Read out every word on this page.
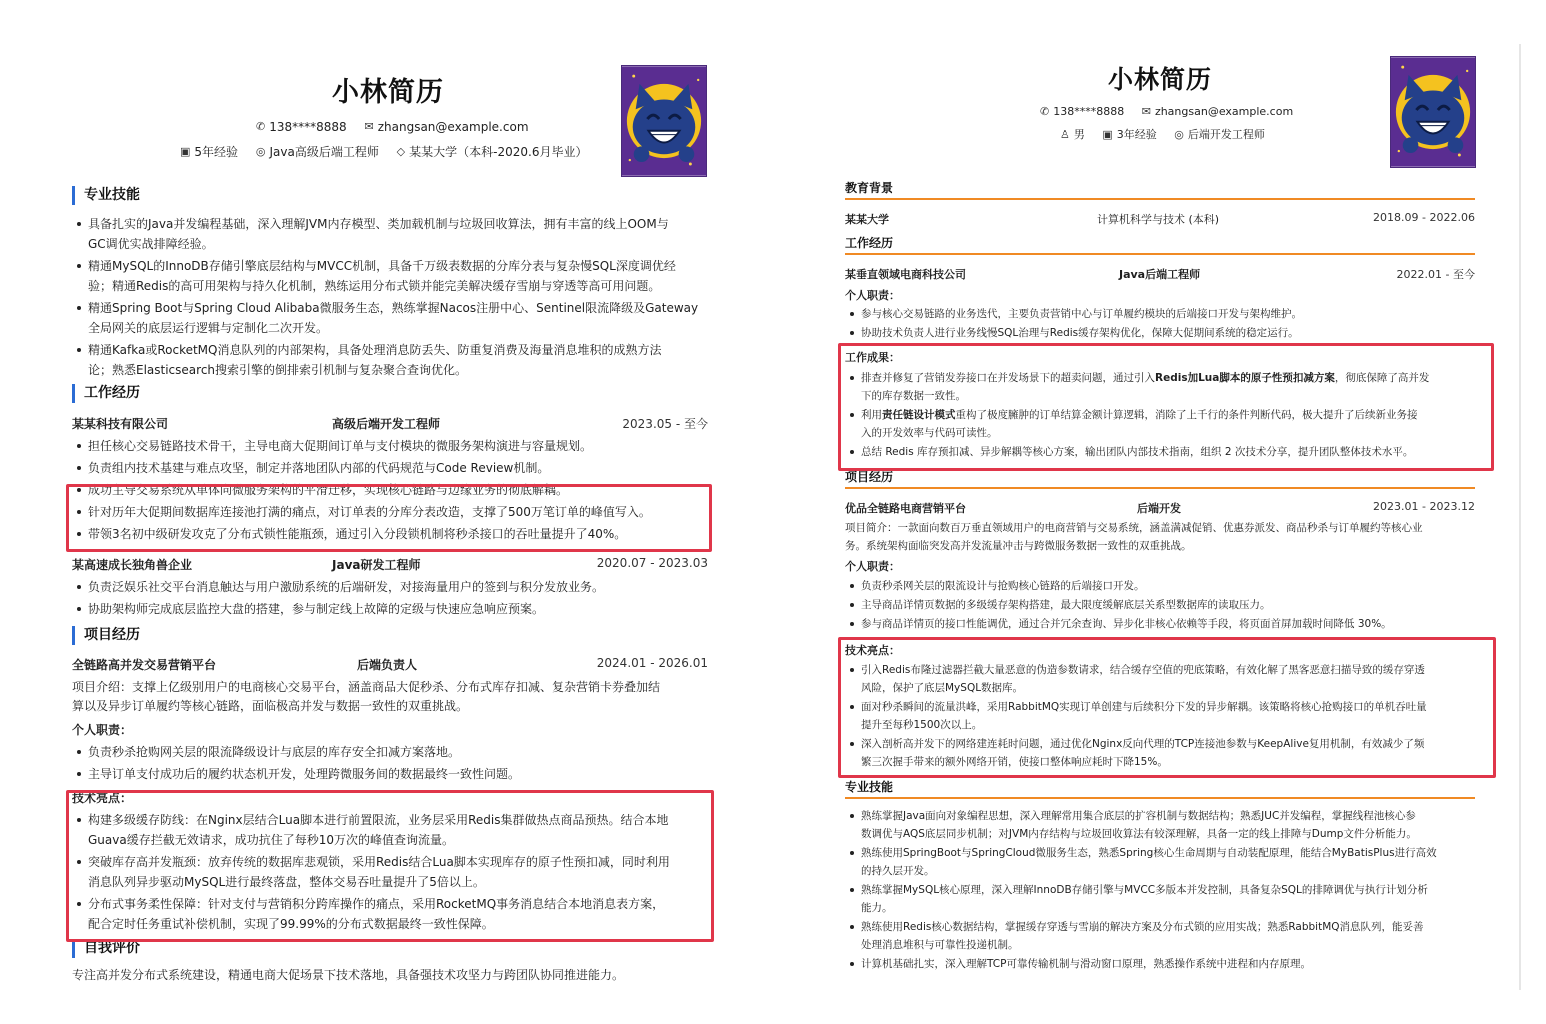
小林简历
✆ 138****8888
✉ zhangsan@example.com
▣ 5年经验
◎ Java高级后端工程师
◇ 某某大学（本科-2020.6月毕业）
专业技能
具备扎实的Java并发编程基础，深入理解JVM内存模型、类加载机制与垃圾回收算法，拥有丰富的线上OOM与
GC调优实战排障经验。
精通MySQL的InnoDB存储引擎底层结构与MVCC机制，具备千万级表数据的分库分表与复杂慢SQL深度调优经
验；精通Redis的高可用架构与持久化机制，熟练运用分布式锁并能完美解决缓存雪崩与穿透等高可用问题。
精通Spring Boot与Spring Cloud Alibaba微服务生态，熟练掌握Nacos注册中心、Sentinel限流降级及Gateway
全局网关的底层运行逻辑与定制化二次开发。
精通Kafka或RocketMQ消息队列的内部架构，具备处理消息防丢失、防重复消费及海量消息堆积的成熟方法
论；熟悉Elasticsearch搜索引擎的倒排索引机制与复杂聚合查询优化。
工作经历
某某科技有限公司	高级后端开发工程师	2023.05 - 至今
担任核心交易链路技术骨干，主导电商大促期间订单与支付模块的微服务架构演进与容量规划。
负责组内技术基建与难点攻坚，制定并落地团队内部的代码规范与Code Review机制。
成功主导交易系统从单体向微服务架构的平滑迁移，实现核心链路与边缘业务的彻底解耦。
针对历年大促期间数据库连接池打满的痛点，对订单表的分库分表改造，支撑了500万笔订单的峰值写入。
带领3名初中级研发攻克了分布式锁性能瓶颈，通过引入分段锁机制将秒杀接口的吞吐量提升了40%。
某高速成长独角兽企业	Java研发工程师	2020.07 - 2023.03
负责泛娱乐社交平台消息触达与用户激励系统的后端研发，对接海量用户的签到与积分发放业务。
协助架构师完成底层监控大盘的搭建，参与制定线上故障的定级与快速应急响应预案。
项目经历
全链路高并发交易营销平台	后端负责人	2024.01 - 2026.01
项目介绍：支撑上亿级别用户的电商核心交易平台，涵盖商品大促秒杀、分布式库存扣减、复杂营销卡券叠加结
算以及异步订单履约等核心链路，面临极高并发与数据一致性的双重挑战。
个人职责：
负责秒杀抢购网关层的限流降级设计与底层的库存安全扣减方案落地。
主导订单支付成功后的履约状态机开发，处理跨微服务间的数据最终一致性问题。
技术亮点：
构建多级缓存防线：在Nginx层结合Lua脚本进行前置限流，业务层采用Redis集群做热点商品预热。结合本地
Guava缓存拦截无效请求，成功抗住了每秒10万次的峰值查询流量。
突破库存高并发瓶颈：放弃传统的数据库悲观锁，采用Redis结合Lua脚本实现库存的原子性预扣减，同时利用
消息队列异步驱动MySQL进行最终落盘，整体交易吞吐量提升了5倍以上。
分布式事务柔性保障：针对支付与营销积分跨库操作的痛点，采用RocketMQ事务消息结合本地消息表方案，
配合定时任务重试补偿机制，实现了99.99%的分布式数据最终一致性保障。
自我评价
专注高并发分布式系统建设，精通电商大促场景下技术落地，具备强技术攻坚力与跨团队协同推进能力。
小林简历
✆ 138****8888
✉ zhangsan@example.com
♙ 男
▣ 3年经验
◎ 后端开发工程师
教育背景
某某大学	计算机科学与技术 (本科)	2018.09 - 2022.06
工作经历
某垂直领域电商科技公司	Java后端工程师	2022.01 - 至今
个人职责：
参与核心交易链路的业务迭代，主要负责营销中心与订单履约模块的后端接口开发与架构维护。
协助技术负责人进行业务线慢SQL治理与Redis缓存架构优化，保障大促期间系统的稳定运行。
工作成果：
排查并修复了营销发券接口在并发场景下的超卖问题，通过引入Redis加Lua脚本的原子性预扣减方案，彻底保障了高并发
下的库存数据一致性。
利用责任链设计模式重构了极度臃肿的订单结算金额计算逻辑，消除了上千行的条件判断代码，极大提升了后续新业务接
入的开发效率与代码可读性。
总结 Redis 库存预扣减、异步解耦等核心方案，输出团队内部技术指南，组织 2 次技术分享，提升团队整体技术水平。
项目经历
优品全链路电商营销平台	后端开发	2023.01 - 2023.12
项目简介：一款面向数百万垂直领域用户的电商营销与交易系统，涵盖满减促销、优惠券派发、商品秒杀与订单履约等核心业
务。系统架构面临突发高并发流量冲击与跨微服务数据一致性的双重挑战。
个人职责：
负责秒杀网关层的限流设计与抢购核心链路的后端接口开发。
主导商品详情页数据的多级缓存架构搭建，最大限度缓解底层关系型数据库的读取压力。
参与商品详情页的接口性能调优，通过合并冗余查询、异步化非核心依赖等手段，将页面首屏加载时间降低 30%。
技术亮点：
引入Redis布隆过滤器拦截大量恶意的伪造参数请求，结合缓存空值的兜底策略，有效化解了黑客恶意扫描导致的缓存穿透
风险，保护了底层MySQL数据库。
面对秒杀瞬间的流量洪峰，采用RabbitMQ实现订单创建与后续积分下发的异步解耦。该策略将核心抢购接口的单机吞吐量
提升至每秒1500次以上。
深入剖析高并发下的网络建连耗时问题，通过优化Nginx反向代理的TCP连接池参数与KeepAlive复用机制，有效减少了频
繁三次握手带来的额外网络开销，使接口整体响应耗时下降15%。
专业技能
熟练掌握Java面向对象编程思想，深入理解常用集合底层的扩容机制与数据结构；熟悉JUC并发编程，掌握线程池核心参
数调优与AQS底层同步机制；对JVM内存结构与垃圾回收算法有较深理解，具备一定的线上排障与Dump文件分析能力。
熟练使用SpringBoot与SpringCloud微服务生态，熟悉Spring核心生命周期与自动装配原理，能结合MyBatisPlus进行高效
的持久层开发。
熟练掌握MySQL核心原理，深入理解InnoDB存储引擎与MVCC多版本并发控制，具备复杂SQL的排障调优与执行计划分析
能力。
熟练使用Redis核心数据结构，掌握缓存穿透与雪崩的解决方案及分布式锁的应用实战；熟悉RabbitMQ消息队列，能妥善
处理消息堆积与可靠性投递机制。
计算机基础扎实，深入理解TCP可靠传输机制与滑动窗口原理，熟悉操作系统中进程和内存原理。
